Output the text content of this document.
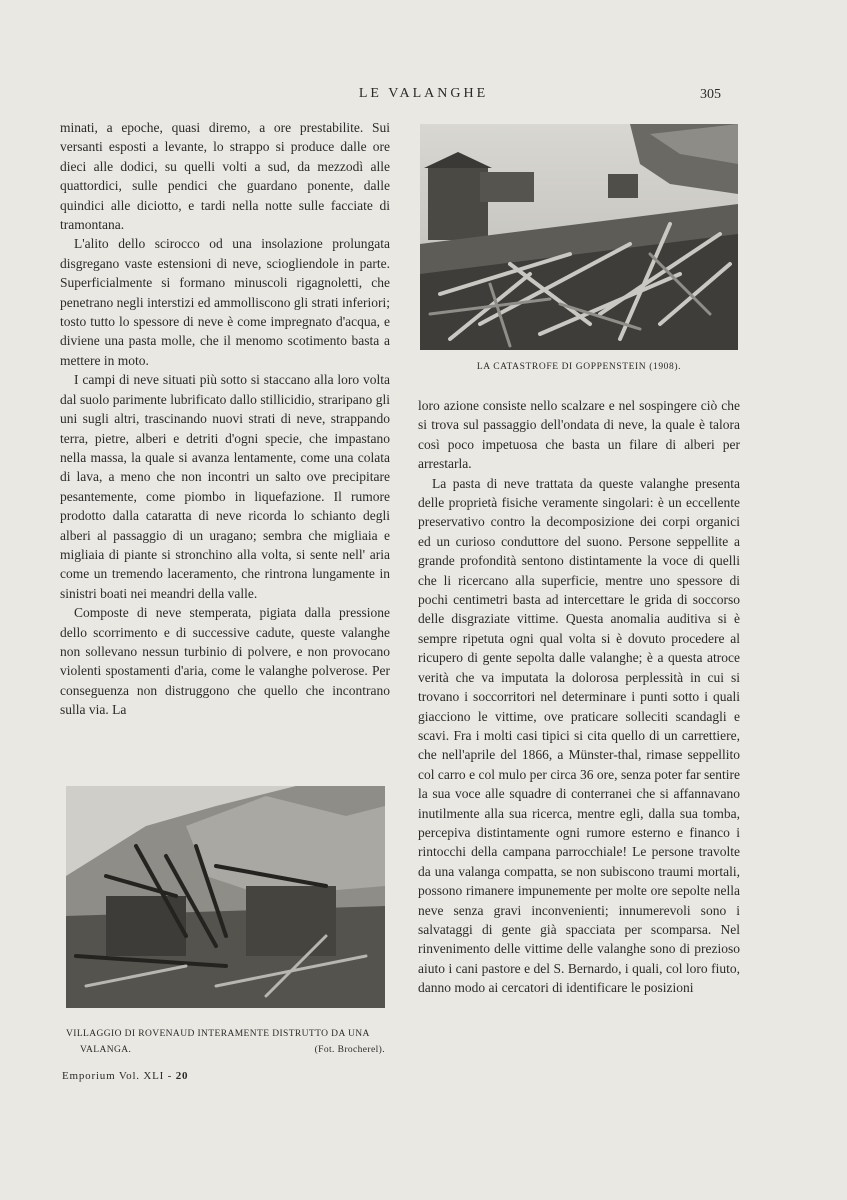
LE VALANGHE	305

minati, a epoche, quasi diremo, a ore prestabilite. Sui versanti esposti a levante, lo strappo si produce dalle ore dieci alle dodici, su quelli volti a sud, da mezzodì alle quattordici, sulle pendici che guardano ponente, dalle quindici alle diciotto, e tardi nella notte sulle facciate di tramontana.

L'alito dello scirocco od una insolazione prolungata disgregano vaste estensioni di neve, sciogliendole in parte. Superficialmente si formano minuscoli rigagnoletti, che penetrano negli interstizi ed ammolliscono gli strati inferiori; tosto tutto lo spessore di neve è come impregnato d'acqua, e diviene una pasta molle, che il menomo scotimento basta a mettere in moto.

I campi di neve situati più sotto si staccano alla loro volta dal suolo parimente lubrificato dallo stillicidio, straripano gli uni sugli altri, trascinando nuovi strati di neve, strappando terra, pietre, alberi e detriti d'ogni specie, che impastano nella massa, la quale si avanza lentamente, come una colata di lava, a meno che non incontri un salto ove precipitare pesantemente, come piombo in liquefazione. Il rumore prodotto dalla cataratta di neve ricorda lo schianto degli alberi al passaggio di un uragano; sembra che migliaia e migliaia di piante si stronchino alla volta, si sente nell' aria come un tremendo laceramento, che rintrona lungamente in sinistri boati nei meandri della valle.

Composte di neve stemperata, pigiata dalla pressione dello scorrimento e di successive cadute, queste valanghe non sollevano nessun turbinio di polvere, e non provocano violenti spostamenti d'aria, come le valanghe polverose. Per conseguenza non distruggono che quello che incontrano sulla via. La

LA CATASTROFE DI GOPPENSTEIN (1908).

loro azione consiste nello scalzare e nel sospingere ciò che si trova sul passaggio dell'ondata di neve, la quale è talora così poco impetuosa che basta un filare di alberi per arrestarla.

La pasta di neve trattata da queste valanghe presenta delle proprietà fisiche veramente singolari: è un eccellente preservativo contro la decomposizione dei corpi organici ed un curioso conduttore del suono. Persone seppellite a grande profondità sentono distintamente la voce di quelli che li ricercano alla superficie, mentre uno spessore di pochi centimetri basta ad intercettare le grida di soccorso delle disgraziate vittime. Questa anomalia auditiva si è sempre ripetuta ogni qual volta si è dovuto procedere al ricupero di gente sepolta dalle valanghe; è a questa atroce verità che va imputata la dolorosa perplessità in cui si trovano i soccorritori nel determinare i punti sotto i quali giacciono le vittime, ove praticare solleciti scandagli e scavi. Fra i molti casi tipici si cita quello di un carrettiere, che nell'aprile del 1866, a Münster-thal, rimase seppellito col carro e col mulo per circa 36 ore, senza poter far sentire la sua voce alle squadre di conterranei che si affannavano inutilmente alla sua ricerca, mentre egli, dalla sua tomba, percepiva distintamente ogni rumore esterno e financo i rintocchi della campana parrocchiale! Le persone travolte da una valanga compatta, se non subiscono traumi mortali, possono rimanere impunemente per molte ore sepolte nella neve senza gravi inconvenienti; innumerevoli sono i salvataggi di gente già spacciata per scomparsa. Nel rinvenimento delle vittime delle valanghe sono di prezioso aiuto i cani pastore e del S. Bernardo, i quali, col loro fiuto, danno modo ai cercatori di identificare le posizioni

VILLAGGIO DI ROVENAUD INTERAMENTE DISTRUTTO DA UNA
VALANGA.	(Fot. Brocherel).
Emporium Vol. XLI - 20
